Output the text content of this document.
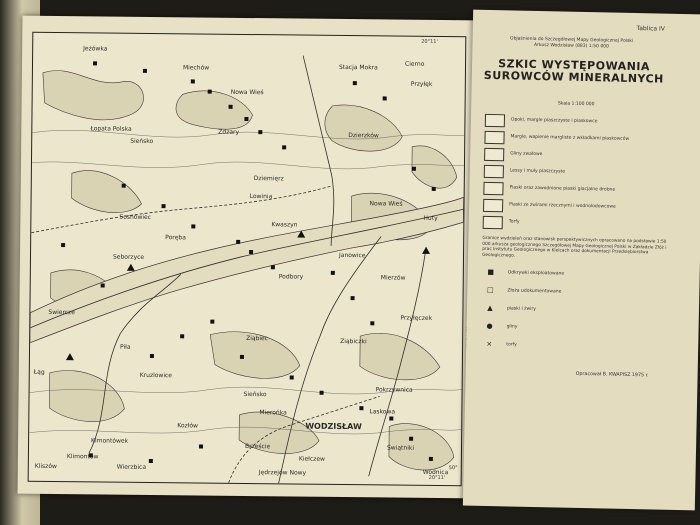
20°11'
20°11'
50°
Jeżówka
Miechów
Nowa Wieś
Stacja Mokra	Cierno
Przyłęk
Łopata Polska
Sieńsko
Dzierzków
Zdzary
Dziemięrz
Lowinia
Kwaszyn
Sosnowiec
Poręba
Seborzyce	Janowice
Nowa Wieś
Huty
Podbory	Mierzów
Swiercze
Przyłęczek
Piła
Ziąbiec	Ziąbiczki
Łąg	Kruzlowice
Sieńsko
Pokrzywnica
Mierońka	Laskowa
Kimontówek
Kozłów	WODZISŁAW
Klimontów
Brzeście	Świątniki
Kiełczew
Wierzbica
Kliszów
Jędrzejów Nowy	Wodnica
Tablica IV
Objaśnienia do Szczegółowej Mapy Geologicznej Polski
Arkusz Wodzisław (883) 1:50 000
SZKIC WYSTĘPOWANIA
SUROWCÓW MINERALNYCH
Skala 1:100 000
Opoki, margle piaszczyste i piaskowce
Margle, wapienie margliste z wkładkami piaskowców
Gliny zwałowe
Lessy i muły piaszczyste
Piaski oraz zawodnione piaski glacjalne drobne
Piaski ze żwirami rzecznymi i wodnolodowcowe
Torfy
Granice wydzieleń oraz stanowisk perspektywicznych opracowano na podstawie 1:50 000 arkusza geologicznego Szczegółowej Mapy Geologicznej Polski w Zakładzie Złóż i prac Instytutu Geologicznego w Kielcach oraz dokumentacji Przedsiębiorstwa Geologicznego.
■	Odkrywki eksploatowane
□	Złoża udokumentowane
▲	piaski i żwiry
●	gliny
×	torfy
Opracował B. KWAPISZ 1975 r.
